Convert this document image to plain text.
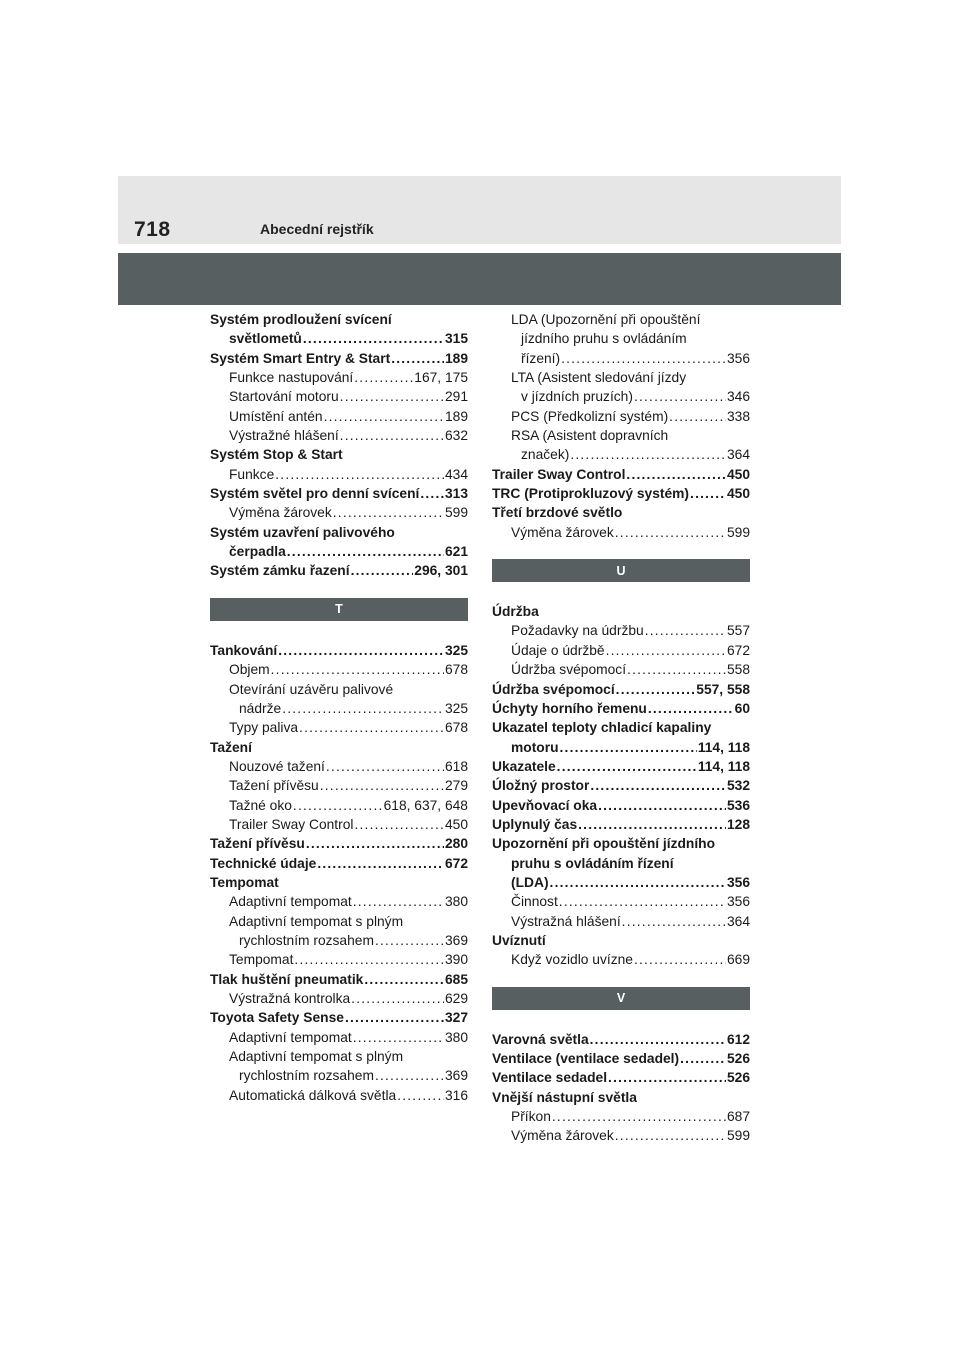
718	Abecední rejstřík
Systém prodloužení svícení
světlometů .....	315
Systém Smart Entry & Start .....	189
Funkce nastupování .....	167, 175
Startování motoru .....	291
Umístění antén .....	189
Výstražné hlášení .....	632
Systém Stop & Start
Funkce .....	434
Systém světel pro denní svícení ..... 313
Výměna žárovek .....	599
Systém uzavření palivového
čerpadla .....	621
Systém zámku řazení .....	296, 301
T
Tankování .....	325
Objem .....	678
Otevírání uzávěru palivové
nádrže .....	325
Typy paliva .....	678
Tažení
Nouzové tažení .....	618
Tažení přívěsu .....	279
Tažné oko .....	618, 637, 648
Trailer Sway Control .....	450
Tažení přívěsu .....	280
Technické údaje .....	672
Tempomat
Adaptivní tempomat .....	380
Adaptivní tempomat s plným
rychlostním rozsahem .....	369
Tempomat .....	390
Tlak huštění pneumatik .....	685
Výstražná kontrolka .....	629
Toyota Safety Sense .....	327
Adaptivní tempomat .....	380
Adaptivní tempomat s plným
rychlostním rozsahem .....	369
Automatická dálková světla .....	316
LDA (Upozornění při opouštění
jízdního pruhu s ovládáním
řízení) .....	356
LTA (Asistent sledování jízdy
v jízdních pruzích) .....	346
PCS (Předkolizní systém) .....	338
RSA (Asistent dopravních
značek) .....	364
Trailer Sway Control .....	450
TRC (Protiprokluzový systém) .....	450
Třetí brzdové světlo
Výměna žárovek .....	599
U
Údržba
Požadavky na údržbu .....	557
Údaje o údržbě .....	672
Údržba svépomocí .....	558
Údržba svépomocí .....	557, 558
Úchyty horního řemenu .....	60
Ukazatel teploty chladicí kapaliny
motoru .....	114, 118
Ukazatele .....	114, 118
Úložný prostor .....	532
Upevňovací oka .....	536
Uplynulý čas .....	128
Upozornění při opouštění jízdního
pruhu s ovládáním řízení
(LDA) .....	356
Činnost .....	356
Výstražná hlášení .....	364
Uvíznutí
Když vozidlo uvízne .....	669
V
Varovná světla .....	612
Ventilace (ventilace sedadel) .....	526
Ventilace sedadel .....	526
Vnější nástupní světla
Příkon .....	687
Výměna žárovek .....	599
